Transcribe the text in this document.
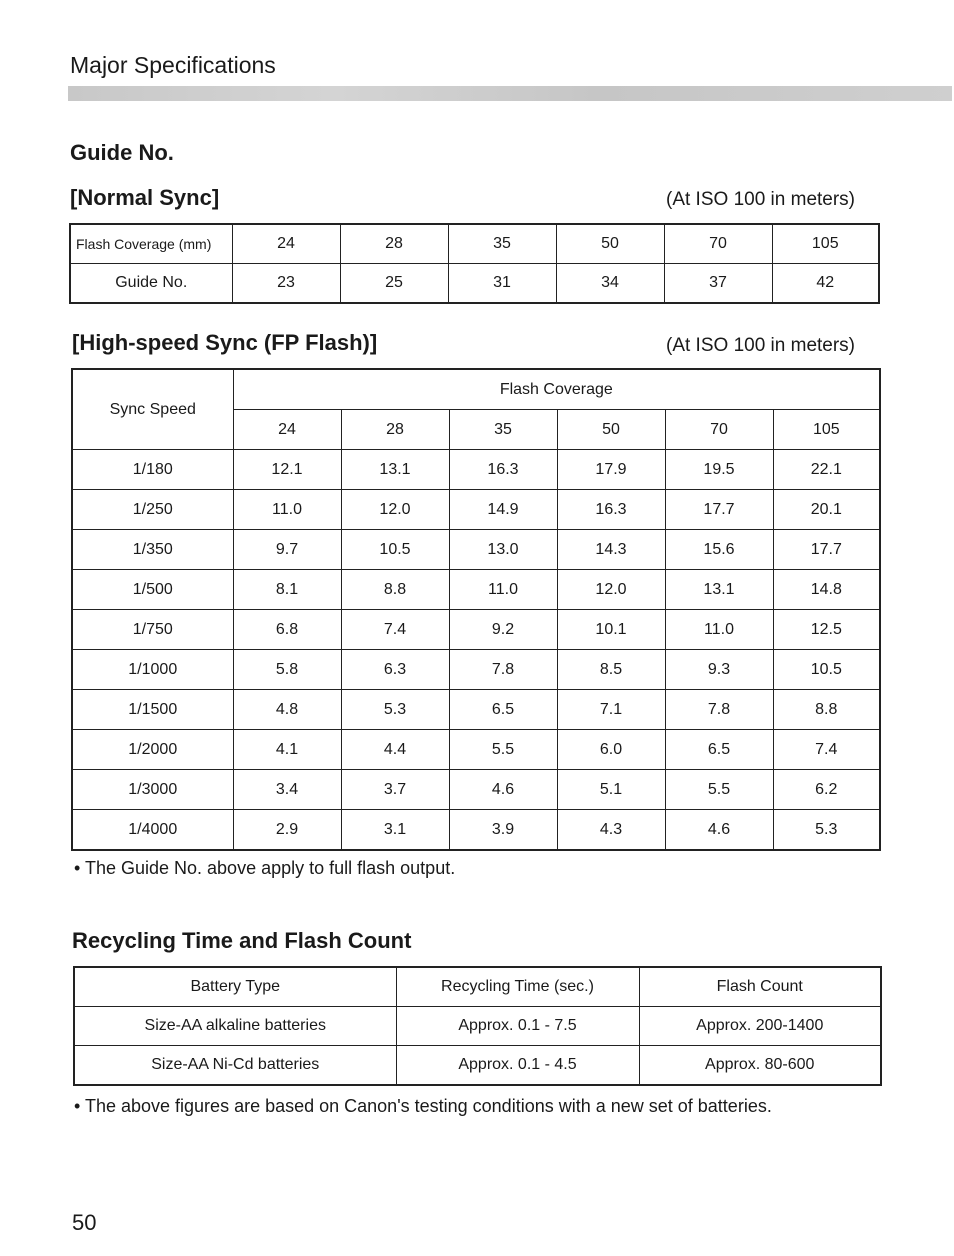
Major Specifications
Guide No.
[Normal Sync]	(At ISO 100 in meters)
Flash Coverage (mm)	24	28	35	50	70	105
Guide No.	23	25	31	34	37	42
[High-speed Sync (FP Flash)]	(At ISO 100 in meters)
Sync Speed	Flash Coverage					
	24	28	35	50	70	105
1/180	12.1	13.1	16.3	17.9	19.5	22.1
1/250	11.0	12.0	14.9	16.3	17.7	20.1
1/350	9.7	10.5	13.0	14.3	15.6	17.7
1/500	8.1	8.8	11.0	12.0	13.1	14.8
1/750	6.8	7.4	9.2	10.1	11.0	12.5
1/1000	5.8	6.3	7.8	8.5	9.3	10.5
1/1500	4.8	5.3	6.5	7.1	7.8	8.8
1/2000	4.1	4.4	5.5	6.0	6.5	7.4
1/3000	3.4	3.7	4.6	5.1	5.5	6.2
1/4000	2.9	3.1	3.9	4.3	4.6	5.3
• The Guide No. above apply to full flash output.
Recycling Time and Flash Count
Battery Type	Recycling Time (sec.)	Flash Count
Size-AA alkaline batteries	Approx. 0.1 - 7.5	Approx. 200-1400
Size-AA Ni-Cd batteries	Approx. 0.1 - 4.5	Approx. 80-600
• The above figures are based on Canon's testing conditions with a new set of batteries.
50
